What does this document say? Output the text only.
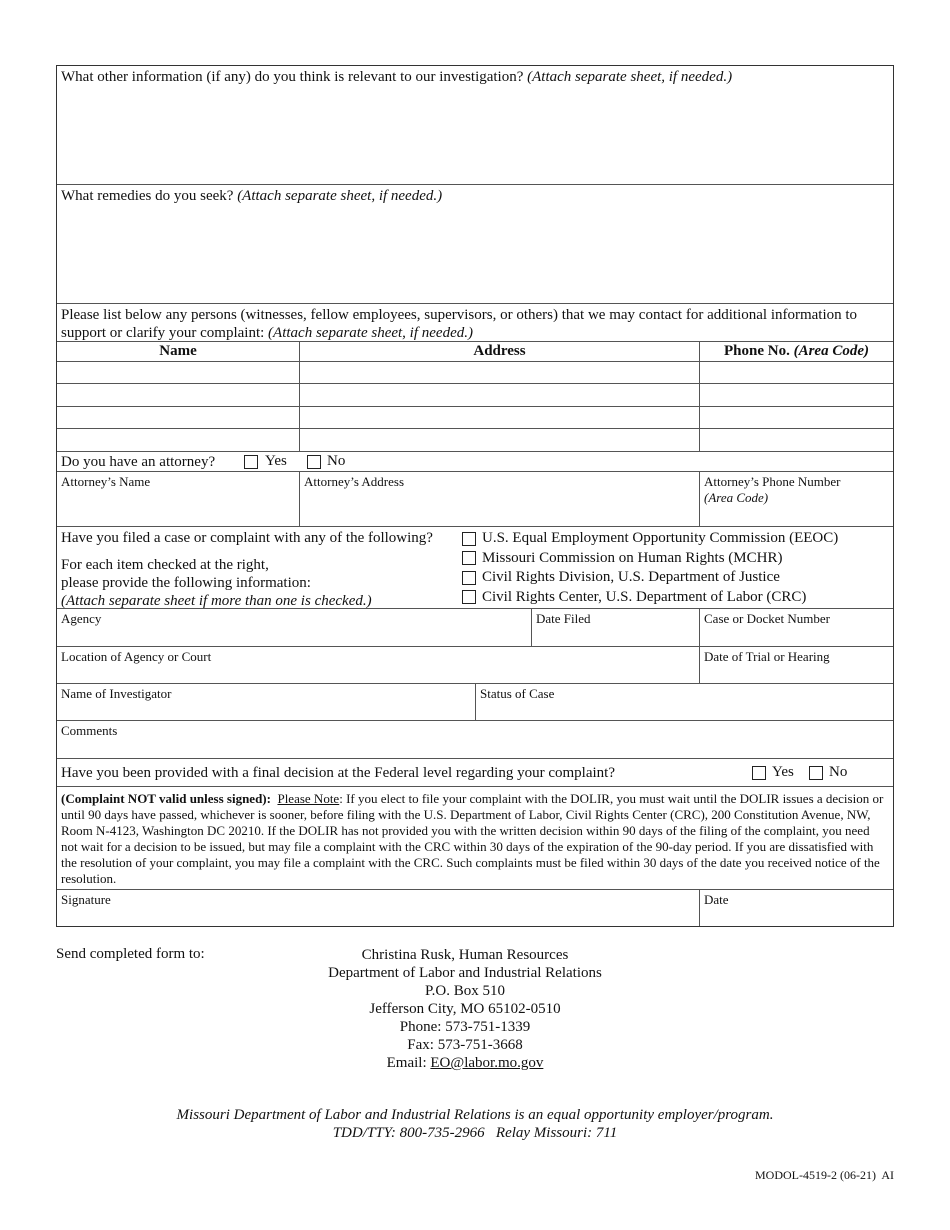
What other information (if any) do you think is relevant to our investigation? (Attach separate sheet, if needed.)
What remedies do you seek? (Attach separate sheet, if needed.)
Please list below any persons (witnesses, fellow employees, supervisors, or others) that we may contact for additional information to support or clarify your complaint: (Attach separate sheet, if needed.)
Name	Address	Phone No. (Area Code)
Do you have an attorney?	Yes	No
Attorney’s Name	Attorney’s Address	Attorney’s Phone Number
(Area Code)
Have you filed a case or complaint with any of the following?
For each item checked at the right,
please provide the following information:
(Attach separate sheet if more than one is checked.)
U.S. Equal Employment Opportunity Commission (EEOC)
Missouri Commission on Human Rights (MCHR)
Civil Rights Division, U.S. Department of Justice
Civil Rights Center, U.S. Department of Labor (CRC)
Agency	Date Filed	Case or Docket Number
Location of Agency or Court	Date of Trial or Hearing
Name of Investigator	Status of Case
Comments
Have you been provided with a final decision at the Federal level regarding your complaint?	Yes No
(Complaint NOT valid unless signed): Please Note: If you elect to file your complaint with the DOLIR, you must wait until the DOLIR issues a decision or until 90 days have passed, whichever is sooner, before filing with the U.S. Department of Labor, Civil Rights Center (CRC), 200 Constitution Avenue, NW, Room N-4123, Washington DC 20210. If the DOLIR has not provided you with the written decision within 90 days of the filing of the complaint, you need not wait for a decision to be issued, but may file a complaint with the CRC within 30 days of the expiration of the 90-day period. If you are dissatisfied with the resolution of your complaint, you may file a complaint with the CRC. Such complaints must be filed within 30 days of the date you received notice of the resolution.
Signature	Date
Send completed form to:	Christina Rusk, Human Resources
Department of Labor and Industrial Relations
P.O. Box 510
Jefferson City, MO 65102-0510
Phone: 573-751-1339
Fax: 573-751-3668
Email: EO@labor.mo.gov
Missouri Department of Labor and Industrial Relations is an equal opportunity employer/program.
TDD/TTY: 800-735-2966   Relay Missouri: 711
MODOL-4519-2 (06-21)  AI
